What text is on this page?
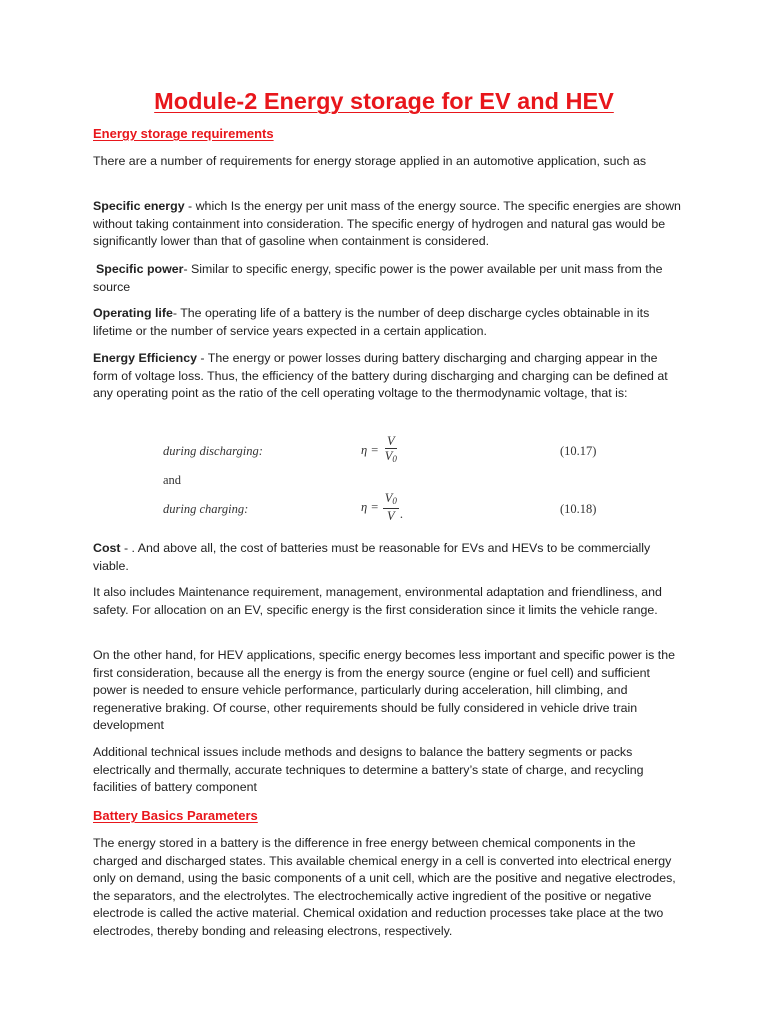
Module-2 Energy storage for EV and HEV
Energy storage requirements
There are a number of requirements for energy storage applied in an automotive application, such as
Specific energy - which Is the energy per unit mass of the energy source. The specific energies are shown without taking containment into consideration. The specific energy of hydrogen and natural gas would be significantly lower than that of gasoline when containment is considered.
Specific power- Similar to specific energy, specific power is the power available per unit mass from the source
Operating life- The operating life of a battery is the number of deep discharge cycles obtainable in its lifetime or the number of service years expected in a certain application.
Energy Efficiency - The energy or power losses during battery discharging and charging appear in the form of voltage loss. Thus, the efficiency of the battery during discharging and charging can be defined at any operating point as the ratio of the cell operating voltage to the thermodynamic voltage, that is:
during discharging:	$\eta = \frac{V}{V_0}$	(10.17)
and
during charging:	$\eta = \frac{V_0}{V}$ .	(10.18)
Cost - . And above all, the cost of batteries must be reasonable for EVs and HEVs to be commercially viable.
It also includes Maintenance requirement, management, environmental adaptation and friendliness, and safety. For allocation on an EV, specific energy is the first consideration since it limits the vehicle range.
On the other hand, for HEV applications, specific energy becomes less important and specific power is the first consideration, because all the energy is from the energy source (engine or fuel cell) and sufficient power is needed to ensure vehicle performance, particularly during acceleration, hill climbing, and regenerative braking. Of course, other requirements should be fully considered in vehicle drive train development
Additional technical issues include methods and designs to balance the battery segments or packs electrically and thermally, accurate techniques to determine a battery’s state of charge, and recycling facilities of battery component
Battery Basics Parameters
The energy stored in a battery is the difference in free energy between chemical components in the charged and discharged states. This available chemical energy in a cell is converted into electrical energy only on demand, using the basic components of a unit cell, which are the positive and negative electrodes, the separators, and the electrolytes. The electrochemically active ingredient of the positive or negative electrode is called the active material. Chemical oxidation and reduction processes take place at the two electrodes, thereby bonding and releasing electrons, respectively.
